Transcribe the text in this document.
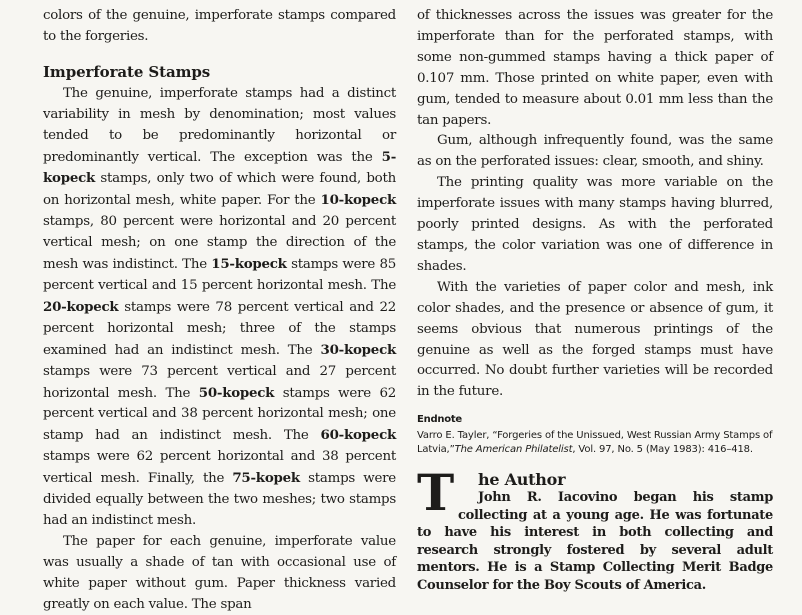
colors of the genuine, imperforate stamps compared to the forgeries.

Imperforate Stamps

The genuine, imperforate stamps had a distinct variability in mesh by denomination; most values tended to be predominantly horizontal or predominantly vertical. The exception was the 5-kopeck stamps, only two of which were found, both on horizontal mesh, white paper. For the 10-kopeck stamps, 80 percent were horizontal and 20 percent vertical mesh; on one stamp the direction of the mesh was indistinct. The 15-kopeck stamps were 85 percent vertical and 15 percent horizontal mesh. The 20-kopeck stamps were 78 percent vertical and 22 percent horizontal mesh; three of the stamps examined had an indistinct mesh. The 30-kopeck stamps were 73 percent vertical and 27 percent horizontal mesh. The 50-kopeck stamps were 62 percent vertical and 38 percent horizontal mesh; one stamp had an indistinct mesh. The 60-kopeck stamps were 62 percent horizontal and 38 percent vertical mesh. Finally, the 75-kopek stamps were divided equally between the two meshes; two stamps had an indistinct mesh.

The paper for each genuine, imperforate value was usually a shade of tan with occasional use of white paper without gum. Paper thickness varied greatly on each value. The span

of thicknesses across the issues was greater for the imperforate than for the perforated stamps, with some non-gummed stamps having a thick paper of 0.107 mm. Those printed on white paper, even with gum, tended to measure about 0.01 mm less than the tan papers.

Gum, although infrequently found, was the same as on the perforated issues: clear, smooth, and shiny.

The printing quality was more variable on the imperforate issues with many stamps having blurred, poorly printed designs. As with the perforated stamps, the color variation was one of difference in shades.

With the varieties of paper color and mesh, ink color shades, and the presence or absence of gum, it seems obvious that numerous printings of the genuine as well as the forged stamps must have occurred. No doubt further varieties will be recorded in the future.

Endnote
Varro E. Tayler, “Forgeries of the Unissued, West Russian Army Stamps of Latvia,”The American Philatelist, Vol. 97, No. 5 (May 1983): 416–418.
T	he Author

John R. Iacovino began his stamp collecting at a young age. He was fortunate to have his interest in both collecting and research strongly fostered by several adult mentors. He is a Stamp Collecting Merit Badge Counselor for the Boy Scouts of America.
